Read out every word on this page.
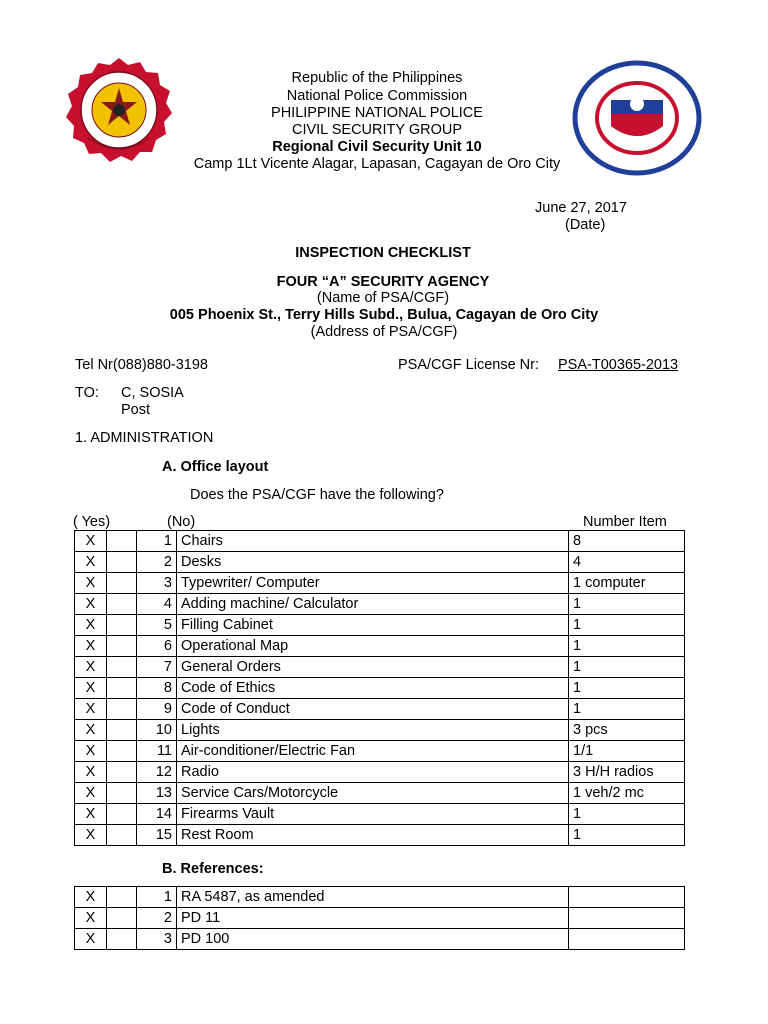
Republic of the Philippines
National Police Commission
PHILIPPINE NATIONAL POLICE
CIVIL SECURITY GROUP
Regional Civil Security Unit 10
Camp 1Lt Vicente Alagar, Lapasan, Cagayan de Oro City
June 27, 2017
(Date)
INSPECTION CHECKLIST
FOUR “A” SECURITY AGENCY
(Name of PSA/CGF)
005 Phoenix St., Terry Hills Subd., Bulua, Cagayan de Oro City
(Address of PSA/CGF)
Tel Nr(088)880-3198	PSA/CGF License Nr: PSA-T00365-2013
TO: C, SOSIA
Post
1. ADMINISTRATION
A. Office layout
Does the PSA/CGF have the following?
( Yes)	(No)	Number Item
X		1	Chairs	8
X		2	Desks	4
X		3	Typewriter/ Computer	1 computer
X		4	Adding machine/ Calculator	1
X		5	Filling Cabinet	1
X		6	Operational Map	1
X		7	General Orders	1
X		8	Code of Ethics	1
X		9	Code of Conduct	1
X		10	Lights	3 pcs
X		11	Air-conditioner/Electric Fan	1/1
X		12	Radio	3 H/H radios
X		13	Service Cars/Motorcycle	1 veh/2 mc
X		14	Firearms Vault	1
X		15	Rest Room	1
B. References:
X		1	RA 5487, as amended	
X		2	PD 11	
X		3	PD 100	
